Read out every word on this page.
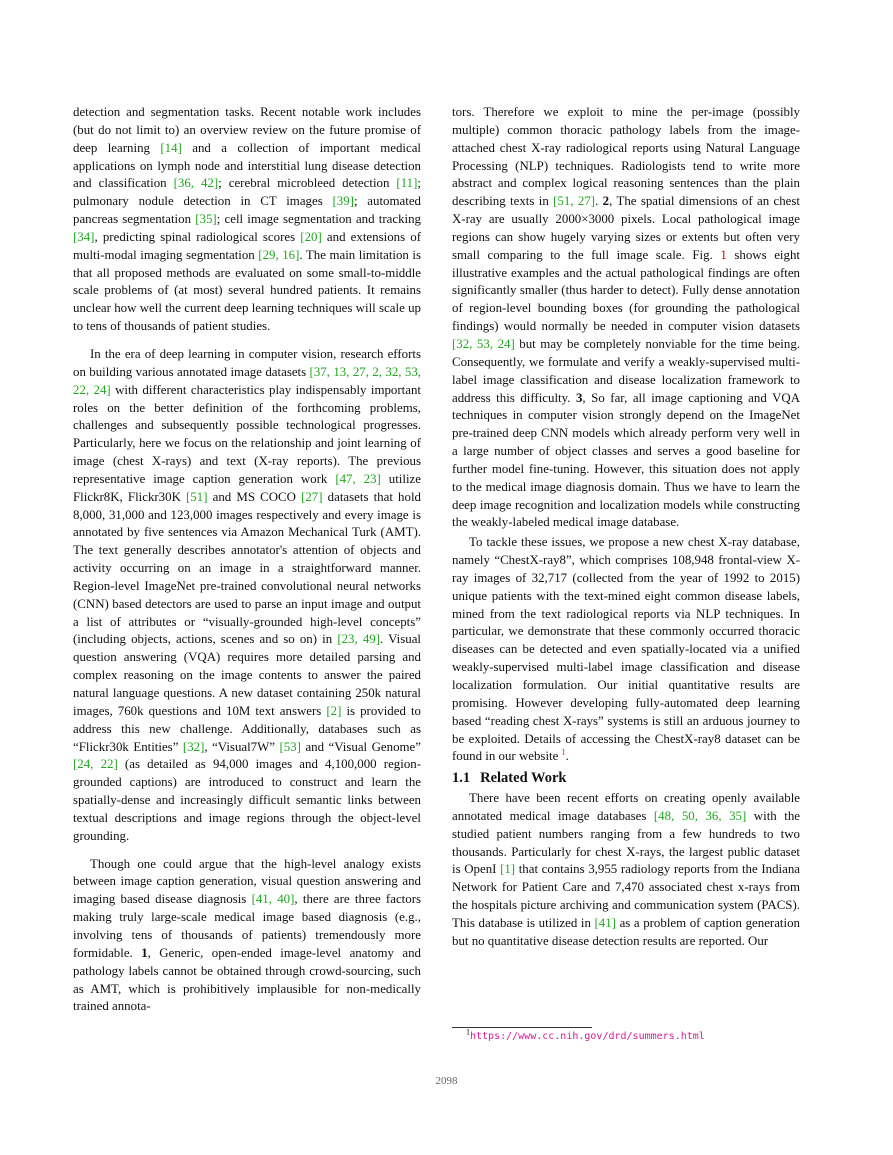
detection and segmentation tasks. Recent notable work includes (but do not limit to) an overview review on the future promise of deep learning [14] and a collection of important medical applications on lymph node and interstitial lung disease detection and classification [36, 42]; cerebral microbleed detection [11]; pulmonary nodule detection in CT images [39]; automated pancreas segmentation [35]; cell image segmentation and tracking [34], predicting spinal radiological scores [20] and extensions of multi-modal imaging segmentation [29, 16]. The main limitation is that all proposed methods are evaluated on some small-to-middle scale problems of (at most) several hundred patients. It remains unclear how well the current deep learning techniques will scale up to tens of thousands of patient studies.

In the era of deep learning in computer vision, research efforts on building various annotated image datasets [37, 13, 27, 2, 32, 53, 22, 24] with different characteristics play indispensably important roles on the better definition of the forthcoming problems, challenges and subsequently possible technological progresses. Particularly, here we focus on the relationship and joint learning of image (chest X-rays) and text (X-ray reports). The previous representative image caption generation work [47, 23] utilize Flickr8K, Flickr30K [51] and MS COCO [27] datasets that hold 8,000, 31,000 and 123,000 images respectively and every image is annotated by five sentences via Amazon Mechanical Turk (AMT). The text generally describes annotator's attention of objects and activity occurring on an image in a straightforward manner. Region-level ImageNet pre-trained convolutional neural networks (CNN) based detectors are used to parse an input image and output a list of attributes or “visually-grounded high-level concepts” (including objects, actions, scenes and so on) in [23, 49]. Visual question answering (VQA) requires more detailed parsing and complex reasoning on the image contents to answer the paired natural language questions. A new dataset containing 250k natural images, 760k questions and 10M text answers [2] is provided to address this new challenge. Additionally, databases such as “Flickr30k Entities” [32], “Visual7W” [53] and “Visual Genome” [24, 22] (as detailed as 94,000 images and 4,100,000 region-grounded captions) are introduced to construct and learn the spatially-dense and increasingly difficult semantic links between textual descriptions and image regions through the object-level grounding.

Though one could argue that the high-level analogy exists between image caption generation, visual question answering and imaging based disease diagnosis [41, 40], there are three factors making truly large-scale medical image based diagnosis (e.g., involving tens of thousands of patients) tremendously more formidable. 1, Generic, open-ended image-level anatomy and pathology labels cannot be obtained through crowd-sourcing, such as AMT, which is prohibitively implausible for non-medically trained annota-

tors. Therefore we exploit to mine the per-image (possibly multiple) common thoracic pathology labels from the image-attached chest X-ray radiological reports using Natural Language Processing (NLP) techniques. Radiologists tend to write more abstract and complex logical reasoning sentences than the plain describing texts in [51, 27]. 2, The spatial dimensions of an chest X-ray are usually 2000×3000 pixels. Local pathological image regions can show hugely varying sizes or extents but often very small comparing to the full image scale. Fig. 1 shows eight illustrative examples and the actual pathological findings are often significantly smaller (thus harder to detect). Fully dense annotation of region-level bounding boxes (for grounding the pathological findings) would normally be needed in computer vision datasets [32, 53, 24] but may be completely nonviable for the time being. Consequently, we formulate and verify a weakly-supervised multi-label image classification and disease localization framework to address this difficulty. 3, So far, all image captioning and VQA techniques in computer vision strongly depend on the ImageNet pre-trained deep CNN models which already perform very well in a large number of object classes and serves a good baseline for further model fine-tuning. However, this situation does not apply to the medical image diagnosis domain. Thus we have to learn the deep image recognition and localization models while constructing the weakly-labeled medical image database.

To tackle these issues, we propose a new chest X-ray database, namely “ChestX-ray8”, which comprises 108,948 frontal-view X-ray images of 32,717 (collected from the year of 1992 to 2015) unique patients with the text-mined eight common disease labels, mined from the text radiological reports via NLP techniques. In particular, we demonstrate that these commonly occurred thoracic diseases can be detected and even spatially-located via a unified weakly-supervised multi-label image classification and disease localization formulation. Our initial quantitative results are promising. However developing fully-automated deep learning based “reading chest X-rays” systems is still an arduous journey to be exploited. Details of accessing the ChestX-ray8 dataset can be found in our website $^1$.

1.1 Related Work

There have been recent efforts on creating openly available annotated medical image databases [48, 50, 36, 35] with the studied patient numbers ranging from a few hundreds to two thousands. Particularly for chest X-rays, the largest public dataset is OpenI [1] that contains 3,955 radiology reports from the Indiana Network for Patient Care and 7,470 associated chest x-rays from the hospitals picture archiving and communication system (PACS). This database is utilized in [41] as a problem of caption generation but no quantitative disease detection results are reported. Our

$^1$https://www.cc.nih.gov/drd/summers.html
2098
